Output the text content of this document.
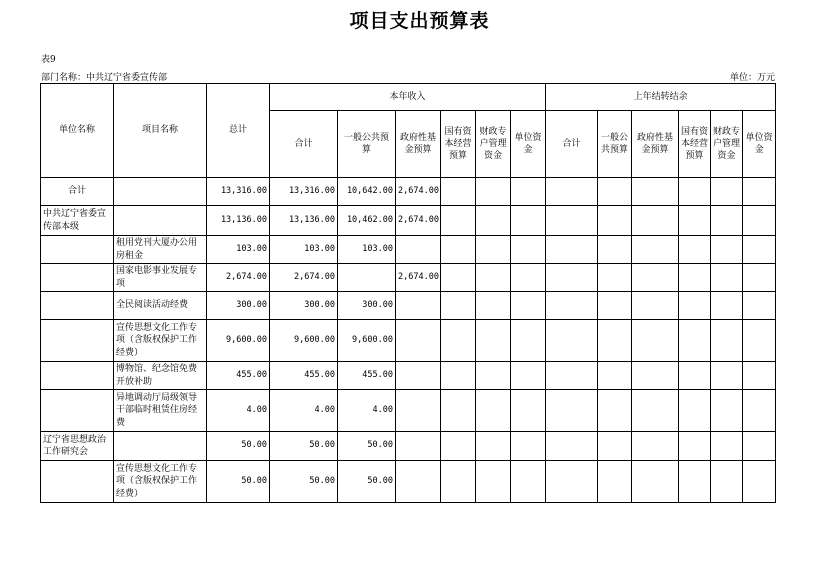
项目支出预算表
表9
部门名称：中共辽宁省委宣传部	单位：万元
单位名称	项目名称	总计	本年收入						上年结转结余					
			合计	一般公共预算	政府性基金预算	国有资本经营预算	财政专户管理资金	单位资金	合计	一般公共预算	政府性基金预算	国有资本经营预算	财政专户管理资金	单位资金
合计		13,316.00	13,316.00	10,642.00	2,674.00									
中共辽宁省委宣传部本级		13,136.00	13,136.00	10,462.00	2,674.00									
	租用党刊大厦办公用房租金	103.00	103.00	103.00										
	国家电影事业发展专项	2,674.00	2,674.00		2,674.00									
	全民阅读活动经费	300.00	300.00	300.00										
	宣传思想文化工作专项（含版权保护工作经费）	9,600.00	9,600.00	9,600.00										
	博物馆、纪念馆免费开放补助	455.00	455.00	455.00										
	异地调动厅局级领导干部临时租赁住房经费	4.00	4.00	4.00										
辽宁省思想政治工作研究会		50.00	50.00	50.00										
	宣传思想文化工作专项（含版权保护工作经费）	50.00	50.00	50.00										
